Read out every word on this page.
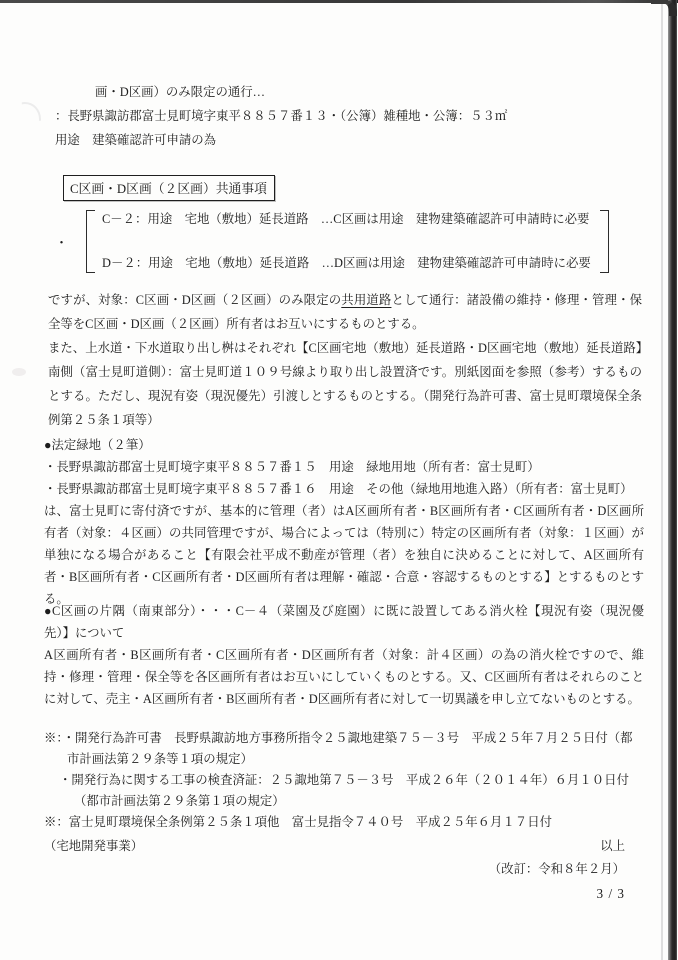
画・D区画）のみ限定の通行…
：長野県諏訪郡富士見町境字東平８８５７番１３・（公簿）雑種地・公簿：５３㎡
用途　建築確認許可申請の為
C区画・D区画（２区画）共通事項
・
C－２：用途　宅地（敷地）延長道路　…C区画は用途　建物建築確認許可申請時に必要
D－２：用途　宅地（敷地）延長道路　…D区画は用途　建物建築確認許可申請時に必要
ですが、対象：C区画・D区画（２区画）のみ限定の共用道路として通行：諸設備の維持・修理・管理・保全等をC区画・D区画（２区画）所有者はお互いにするものとする。
また、上水道・下水道取り出し桝はそれぞれ【C区画宅地（敷地）延長道路・D区画宅地（敷地）延長道路】南側（富士見町道側）：富士見町道１０９号線より取り出し設置済です。別紙図面を参照（参考）するものとする。ただし、現況有姿（現況優先）引渡しとするものとする。（開発行為許可書、富士見町環境保全条例第２５条１項等）
●法定緑地（２筆）
・長野県諏訪郡富士見町境字東平８８５７番１５　用途　緑地用地（所有者：富士見町）
・長野県諏訪郡富士見町境字東平８８５７番１６　用途　その他（緑地用地進入路）（所有者：富士見町）
は、富士見町に寄付済ですが、基本的に管理（者）はA区画所有者・B区画所有者・C区画所有者・D区画所有者（対象：４区画）の共同管理ですが、場合によっては（特別に）特定の区画所有者（対象：１区画）が単独になる場合があること【有限会社平成不動産が管理（者）を独自に決めることに対して、A区画所有者・B区画所有者・C区画所有者・D区画所有者は理解・確認・合意・容認するものとする】とするものとする。
●C区画の片隅（南東部分）・・・C－４（菜園及び庭園）に既に設置してある消火栓【現況有姿（現況優先）】について
A区画所有者・B区画所有者・C区画所有者・D区画所有者（対象：計４区画）の為の消火栓ですので、維持・修理・管理・保全等を各区画所有者はお互いにしていくものとする。又、C区画所有者はそれらのことに対して、売主・A区画所有者・B区画所有者・D区画所有者に対して一切異議を申し立てないものとする。
※：・開発行為許可書　長野県諏訪地方事務所指令２５諏地建築７５－３号　平成２５年７月２５日付（都
市計画法第２９条等１項の規定）
・開発行為に関する工事の検査済証：２５諏地第７５－３号　平成２６年（２０１４年）６月１０日付
（都市計画法第２９条第１項の規定）
※：富士見町環境保全条例第２５条１項他　富士見指令７４０号　平成２５年６月１７日付
（宅地開発事業）	以上
（改訂：令和８年２月）
3 / 3
